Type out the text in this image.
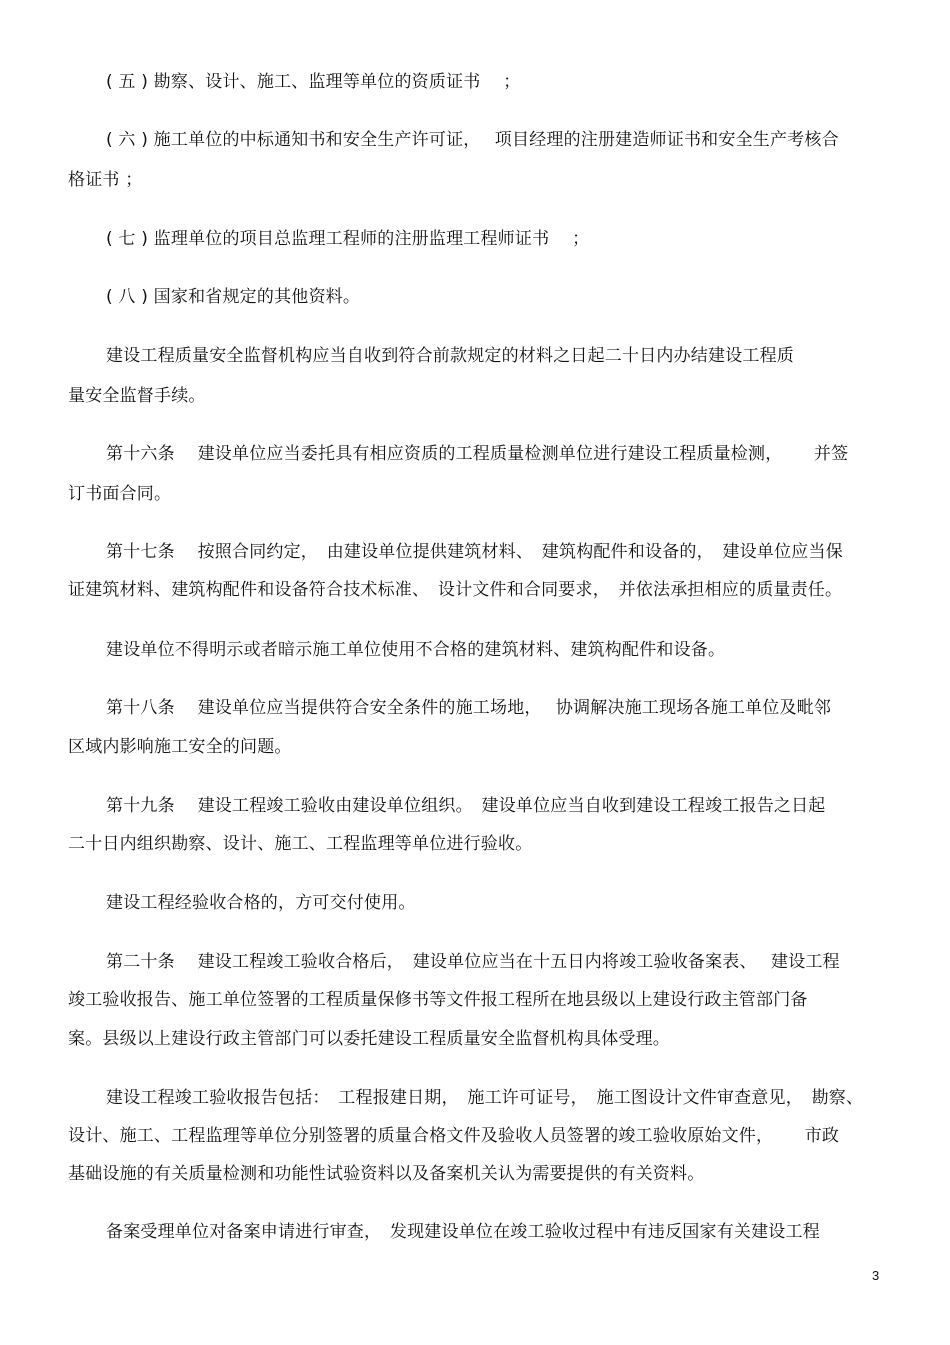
( 五 ) 勘察、设计、施工、监理等单位的资质证书　 ；
( 六 ) 施工单位的中标通知书和安全生产许可证，　 项目经理的注册建造师证书和安全生产考核合
格证书 ；
( 七 ) 监理单位的项目总监理工程师的注册监理工程师证书　 ；
( 八 ) 国家和省规定的其他资料。
建设工程质量安全监督机构应当自收到符合前款规定的材料之日起二十日内办结建设工程质
量安全监督手续。
第十六条　 建设单位应当委托具有相应资质的工程质量检测单位进行建设工程质量检测，　　 并签
订书面合同。
第十七条　 按照合同约定，　由建设单位提供建筑材料、　建筑构配件和设备的，　建设单位应当保
证建筑材料、建筑构配件和设备符合技术标准、　设计文件和合同要求，　并依法承担相应的质量责任。
建设单位不得明示或者暗示施工单位使用不合格的建筑材料、建筑构配件和设备。
第十八条　 建设单位应当提供符合安全条件的施工场地，　 协调解决施工现场各施工单位及毗邻
区域内影响施工安全的问题。
第十九条　 建设工程竣工验收由建设单位组织。　建设单位应当自收到建设工程竣工报告之日起
二十日内组织勘察、设计、施工、工程监理等单位进行验收。
建设工程经验收合格的，方可交付使用。
第二十条　 建设工程竣工验收合格后，　建设单位应当在十五日内将竣工验收备案表、　 建设工程
竣工验收报告、施工单位签署的工程质量保修书等文件报工程所在地县级以上建设行政主管部门备
案。县级以上建设行政主管部门可以委托建设工程质量安全监督机构具体受理。
建设工程竣工验收报告包括：　工程报建日期，　施工许可证号，　施工图设计文件审查意见，　勘察、
设计、施工、工程监理等单位分别签署的质量合格文件及验收人员签署的竣工验收原始文件，　　 市政
基础设施的有关质量检测和功能性试验资料以及备案机关认为需要提供的有关资料。
备案受理单位对备案申请进行审查，　发现建设单位在竣工验收过程中有违反国家有关建设工程
3
